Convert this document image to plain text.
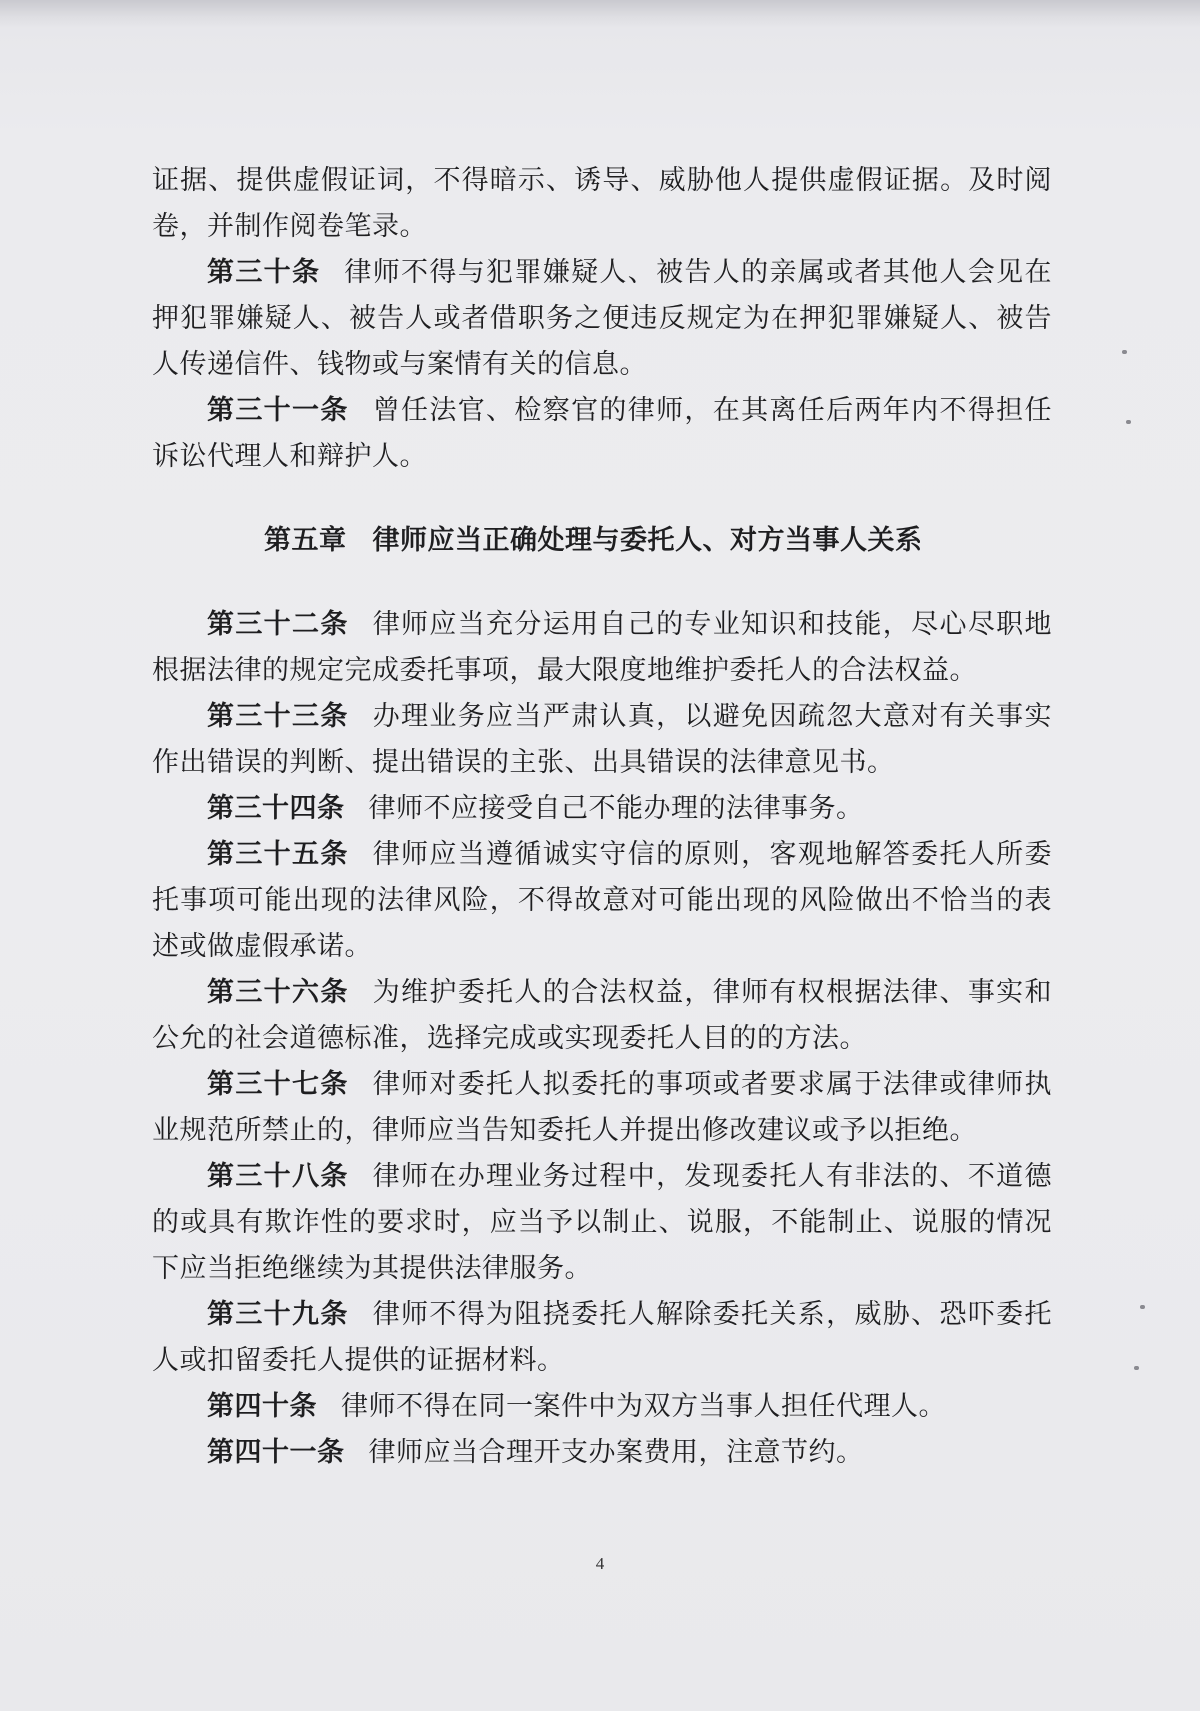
证据、提供虚假证词，不得暗示、诱导、威胁他人提供虚假证据。及时阅卷，并制作阅卷笔录。

第三十条 律师不得与犯罪嫌疑人、被告人的亲属或者其他人会见在押犯罪嫌疑人、被告人或者借职务之便违反规定为在押犯罪嫌疑人、被告人传递信件、钱物或与案情有关的信息。

第三十一条 曾任法官、检察官的律师，在其离任后两年内不得担任诉讼代理人和辩护人。

第五章 律师应当正确处理与委托人、对方当事人关系

第三十二条 律师应当充分运用自己的专业知识和技能，尽心尽职地根据法律的规定完成委托事项，最大限度地维护委托人的合法权益。

第三十三条 办理业务应当严肃认真，以避免因疏忽大意对有关事实作出错误的判断、提出错误的主张、出具错误的法律意见书。

第三十四条 律师不应接受自己不能办理的法律事务。

第三十五条 律师应当遵循诚实守信的原则，客观地解答委托人所委托事项可能出现的法律风险，不得故意对可能出现的风险做出不恰当的表述或做虚假承诺。

第三十六条 为维护委托人的合法权益，律师有权根据法律、事实和公允的社会道德标准，选择完成或实现委托人目的的方法。

第三十七条 律师对委托人拟委托的事项或者要求属于法律或律师执业规范所禁止的，律师应当告知委托人并提出修改建议或予以拒绝。

第三十八条 律师在办理业务过程中，发现委托人有非法的、不道德的或具有欺诈性的要求时，应当予以制止、说服，不能制止、说服的情况下应当拒绝继续为其提供法律服务。

第三十九条 律师不得为阻挠委托人解除委托关系，威胁、恐吓委托人或扣留委托人提供的证据材料。

第四十条 律师不得在同一案件中为双方当事人担任代理人。

第四十一条 律师应当合理开支办案费用，注意节约。

4
